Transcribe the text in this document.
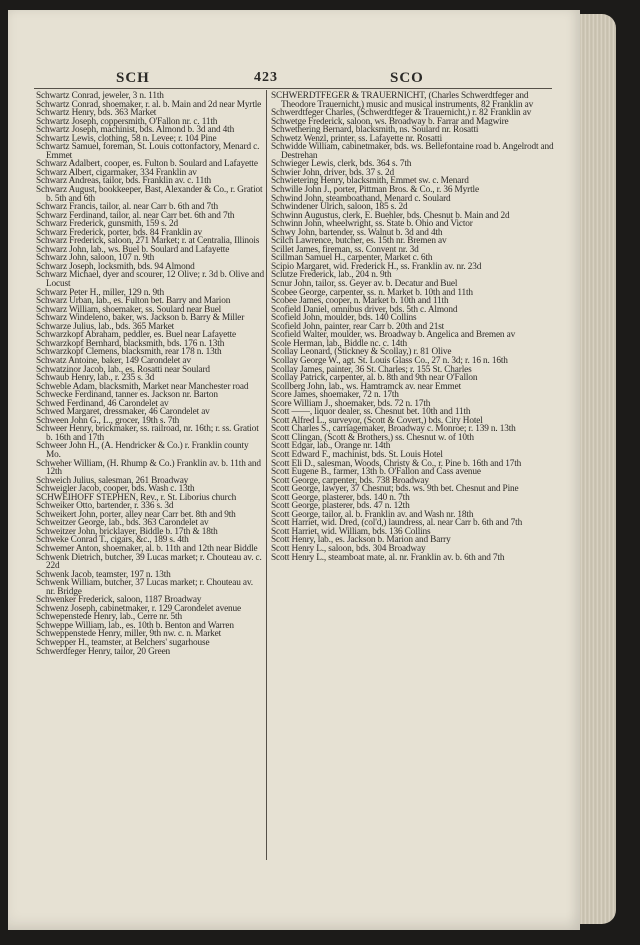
SCH	423	SCO
Schwartz Conrad, jeweler, 3 n. 11th
Schwartz Conrad, shoemaker, r. al. b. Main and 2d near Myrtle
Schwartz Henry, bds. 363 Market
Schwartz Joseph, coppersmith, O'Fallon nr. c. 11th
Schwartz Joseph, machinist, bds. Almond b. 3d and 4th
Schwartz Lewis, clothing, 58 n. Levee; r. 104 Pine
Schwartz Samuel, foreman, St. Louis cottonfactory, Menard c. Emmet
Schwarz Adalbert, cooper, es. Fulton b. Soulard and Lafayette
Schwarz Albert, cigarmaker, 334 Franklin av
Schwarz Andreas, tailor, bds. Franklin av. c. 11th
Schwarz August, bookkeeper, Bast, Alexander & Co., r. Gratiot b. 5th and 6th
Schwarz Francis, tailor, al. near Carr b. 6th and 7th
Schwarz Ferdinand, tailor, al. near Carr bet. 6th and 7th
Schwarz Frederick, gunsmith, 159 s. 2d
Schwarz Frederick, porter, bds. 84 Franklin av
Schwarz Frederick, saloon, 271 Market; r. at Centralia, Illinois
Schwarz John, lab., ws. Buel b. Soulard and Lafayette
Schwarz John, saloon, 107 n. 9th
Schwarz Joseph, locksmith, bds. 94 Almond
Schwarz Michael, dyer and scourer, 12 Olive; r. 3d b. Olive and Locust
Schwarz Peter H., miller, 129 n. 9th
Schwarz Urban, lab., es. Fulton bet. Barry and Marion
Schwarz William, shoemaker, ss. Soulard near Buel
Schwarz Windeleno, baker, ws. Jackson b. Barry & Miller
Schwarze Julius, lab., bds. 365 Market
Schwarzkopf Abraham, peddler, es. Buel near Lafayette
Schwarzkopf Bernhard, blacksmith, bds. 176 n. 13th
Schwarzkopf Clemens, blacksmith, rear 178 n. 13th
Schwatz Antoine, baker, 149 Carondelet av
Schwatzinor Jacob, lab., es. Rosatti near Soulard
Schwaub Henry, lab., r. 235 s. 3d
Schweble Adam, blacksmith, Market near Manchester road
Schwecke Ferdinand, tanner es. Jackson nr. Barton
Schwed Ferdinand, 46 Carondelet av
Schwed Margaret, dressmaker, 46 Carondelet av
Schween John G., L., grocer, 19th s. 7th
Schweer Henry, brickmaker, ss. railroad, nr. 16th; r. ss. Gratiot b. 16th and 17th
Schweer John H., (A. Hendricker & Co.) r. Franklin county Mo.
Schweher William, (H. Rhump & Co.) Franklin av. b. 11th and 12th
Schweich Julius, salesman, 261 Broadway
Schweigler Jacob, cooper, bds. Wash c. 13th
SCHWEIHOFF STEPHEN, Rev., r. St. Liborius church
Schweiker Otto, bartender, r. 336 s. 3d
Schweikert John, porter, alley near Carr bet. 8th and 9th
Schweitzer George, lab., bds. 363 Carondelet av
Schweitzer John, bricklayer, Biddle b. 17th & 18th
Schweke Conrad T., cigars, &c., 189 s. 4th
Schwemer Anton, shoemaker, al. b. 11th and 12th near Biddle
Schwenk Dietrich, butcher, 39 Lucas market; r. Chouteau av. c. 22d
Schwenk Jacob, teamster, 197 n. 13th
Schwenk William, butcher, 37 Lucas market; r. Chouteau av. nr. Bridge
Schwenker Frederick, saloon, 1187 Broadway
Schwenz Joseph, cabinetmaker, r. 129 Carondelet avenue
Schwepenstede Henry, lab., Cerre nr. 5th
Schweppe William, lab., es. 10th b. Benton and Warren
Schweppenstede Henry, miller, 9th nw. c. n. Market
Schwepper H., teamster, at Belchers' sugarhouse
Schwerdfeger Henry, tailor, 20 Green
SCHWERDTFEGER & TRAUERNICHT, (Charles Schwerdtfeger and Theodore Trauernicht,) music and musical instruments, 82 Franklin av
Schwerdtfeger Charles, (Schwerdtfeger & Trauernicht,) r. 82 Franklin av
Schwetge Frederick, saloon, ws. Broadway b. Farrar and Magwire
Schwethering Bernard, blacksmith, ns. Soulard nr. Rosatti
Schwetz Wenzl, printer, ss. Lafayette nr. Rosatti
Schwidde William, cabinetmaker, bds. ws. Bellefontaine road b. Angelrodt and Destrehan
Schwieger Lewis, clerk, bds. 364 s. 7th
Schwier John, driver, bds. 37 s. 2d
Schwietering Henry, blacksmith, Emmet sw. c. Menard
Schwille John J., porter, Pittman Bros. & Co., r. 36 Myrtle
Schwind John, steamboathand, Menard c. Soulard
Schwindener Ulrich, saloon, 185 s. 2d
Schwinn Augustus, clerk, E. Buehler, bds. Chesnut b. Main and 2d
Schwinn John, wheelwright, ss. State b. Ohio and Victor
Schwy John, bartender, ss. Walnut b. 3d and 4th
Scilch Lawrence, butcher, es. 15th nr. Bremen av
Scillet James, fireman, ss. Convent nr. 3d
Scillman Samuel H., carpenter, Market c. 6th
Scipio Margaret, wid. Frederick H., ss. Franklin av. nr. 23d
Sclutze Frederick, lab., 204 n. 9th
Scnur John, tailor, ss. Geyer av. b. Decatur and Buel
Scobee George, carpenter, ss. n. Market b. 10th and 11th
Scobee James, cooper, n. Market b. 10th and 11th
Scofield Daniel, omnibus driver, bds. 5th c. Almond
Scofield John, moulder, bds. 140 Collins
Scofield John, painter, rear Carr b. 20th and 21st
Scofield Walter, moulder, ws. Broadway b. Angelica and Bremen av
Scole Herman, lab., Biddle nc. c. 14th
Scollay Leonard, (Stickney & Scollay,) r. 81 Olive
Scollay George W., agt. St. Louis Glass Co., 27 n. 3d; r. 16 n. 16th
Scollay James, painter, 36 St. Charles; r. 155 St. Charles
Scollay Patrick, carpenter, al. b. 8th and 9th near O'Fallon
Scollberg John, lab., ws. Hamtramck av. near Emmet
Score James, shoemaker, 72 n. 17th
Score William J., shoemaker, bds. 72 n. 17th
Scott ——, liquor dealer, ss. Chesnut bet. 10th and 11th
Scott Alfred L., surveyor, (Scott & Covert,) bds. City Hotel
Scott Charles S., carriagemaker, Broadway c. Monroe; r. 139 n. 13th
Scott Clingan, (Scott & Brothers,) ss. Chesnut w. of 10th
Scott Edgar, lab., Orange nr. 14th
Scott Edward F., machinist, bds. St. Louis Hotel
Scott Eli D., salesman, Woods, Christy & Co., r. Pine b. 16th and 17th
Scott Eugene B., farmer, 13th b. O'Fallon and Cass avenue
Scott George, carpenter, bds. 738 Broadway
Scott George, lawyer, 37 Chesnut; bds. ws. 9th bet. Chesnut and Pine
Scott George, plasterer, bds. 140 n. 7th
Scott George, plasterer, bds. 47 n. 12th
Scott George, tailor, al. b. Franklin av. and Wash nr. 18th
Scott Harriet, wid. Dred, (col'd,) laundress, al. near Carr b. 6th and 7th
Scott Harriet, wid. William, bds. 136 Collins
Scott Henry, lab., es. Jackson b. Marion and Barry
Scott Henry L., saloon, bds. 304 Broadway
Scott Henry L., steamboat mate, al. nr. Franklin av. b. 6th and 7th
